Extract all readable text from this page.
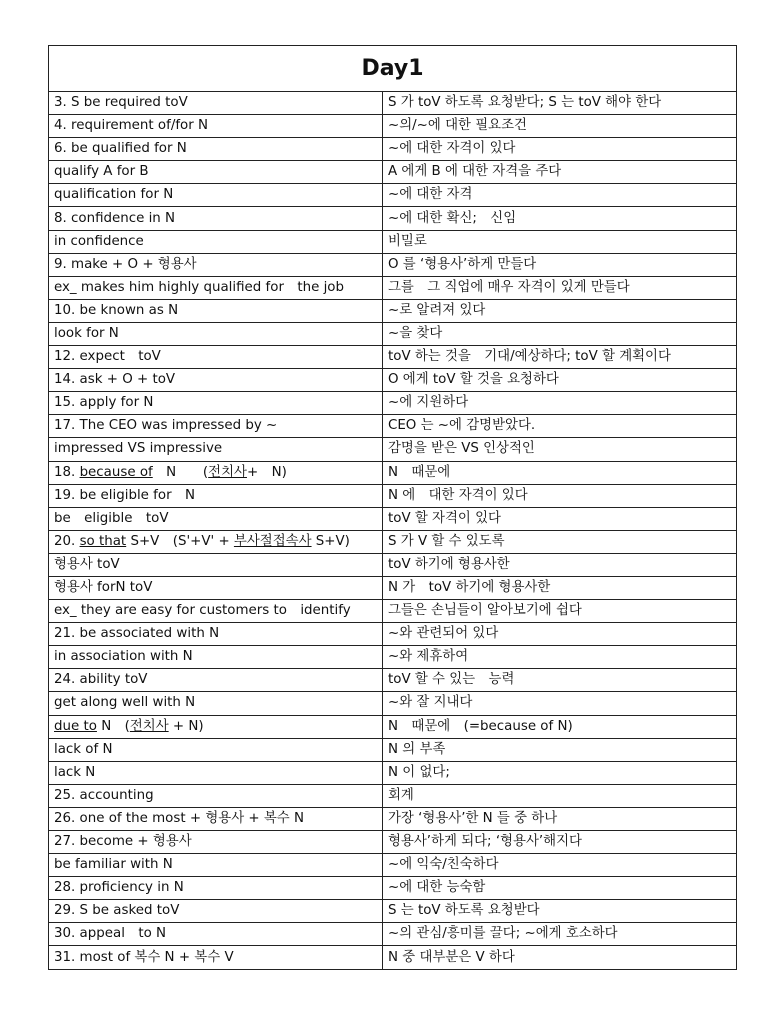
Day1	
3. S be required toV	S 가 toV 하도록 요청받다; S 는 toV 해야 한다
4. requirement of/for N	~의/~에 대한 필요조건
6. be qualified for N	~에 대한 자격이 있다
qualify A for B	A 에게 B 에 대한 자격을 주다
qualification for N	~에 대한 자격
8. confidence in N	~에 대한 확신;　신임
in confidence	비밀로
9. make + O + 형용사	O 를 ‘형용사’하게 만들다
ex_ makes him highly qualified for　the job	그를　그 직업에 매우 자격이 있게 만들다
10. be known as N	~로 알려져 있다
look for N	~을 찾다
12. expect　toV	toV 하는 것을　기대/예상하다; toV 할 계획이다
14. ask + O + toV	O 에게 toV 할 것을 요청하다
15. apply for N	~에 지원하다
17. The CEO was impressed by ~	CEO 는 ~에 감명받았다.
impressed VS impressive	감명을 받은 VS 인상적인
18. because of　N　　(전치사+　N)	N　때문에
19. be eligible for　N	N 에　대한 자격이 있다
be　eligible　toV	toV 할 자격이 있다
20. so that S+V　(S'+V' + 부사절접속사 S+V)	S 가 V 할 수 있도록
형용사 toV	toV 하기에 형용사한
형용사 forN toV	N 가　toV 하기에 형용사한
ex_ they are easy for customers to　identify	그들은 손님들이 알아보기에 쉽다
21. be associated with N	~와 관련되어 있다
in association with N	~와 제휴하여
24. ability toV	toV 할 수 있는　능력
get along well with N	~와 잘 지내다
due to N　(전치사 + N)	N　때문에　(=because of N)
lack of N	N 의 부족
lack N	N 이 없다;
25. accounting	회계
26. one of the most + 형용사 + 복수 N	가장 ‘형용사’한 N 들 중 하나
27. become + 형용사	형용사’하게 되다; ‘형용사’해지다
be familiar with N	~에 익숙/친숙하다
28. proficiency in N	~에 대한 능숙함
29. S be asked toV	S 는 toV 하도록 요청받다
30. appeal　to N	~의 관심/흥미를 끌다; ~에게 호소하다
31. most of 복수 N + 복수 V	N 중 대부분은 V 하다
